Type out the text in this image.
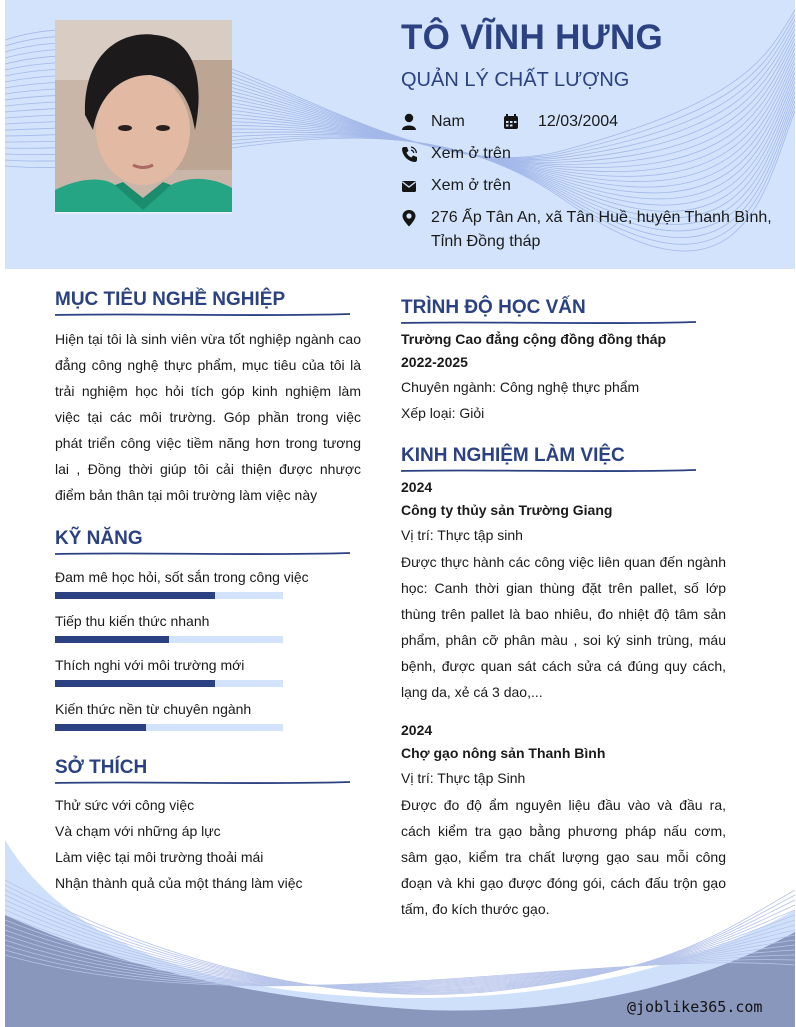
TÔ VĨNH HƯNG
QUẢN LÝ CHẤT LƯỢNG
Nam	12/03/2004
Xem ở trên
Xem ở trên
276 Ấp Tân An, xã Tân Huề, huyện Thanh Bình,
Tỉnh Đồng tháp
MỤC TIÊU NGHỀ NGHIỆP
Hiện tại tôi là sinh viên vừa tốt nghiệp ngành cao đẳng công nghệ thực phẩm, mục tiêu của tôi là trải nghiệm học hỏi tích góp kinh nghiệm làm việc tại các môi trường. Góp phần trong việc phát triển công việc tiềm năng hơn trong tương lai , Đồng thời giúp tôi cải thiện được nhược điểm bản thân tại môi trường làm việc này
KỸ NĂNG
Đam mê học hỏi, sốt sắn trong công việc
Tiếp thu kiến thức nhanh
Thích nghi với môi trường mới
Kiến thức nền từ chuyên ngành
SỞ THÍCH
Thử sức với công việc
Và chạm với những áp lực
Làm việc tại môi trường thoải mái
Nhận thành quả của một tháng làm việc
TRÌNH ĐỘ HỌC VẤN
Trường Cao đẳng cộng đồng đồng tháp
2022-2025
Chuyên ngành: Công nghệ thực phẩm
Xếp loại: Giỏi
KINH NGHIỆM LÀM VIỆC
2024
Công ty thủy sản Trường Giang
Vị trí: Thực tập sinh
Được thực hành các công việc liên quan đến ngành học: Canh thời gian thùng đặt trên pallet, số lớp thùng trên pallet là bao nhiêu, đo nhiệt độ tâm sản phẩm, phân cỡ phân màu , soi ký sinh trùng, máu bệnh, được quan sát cách sửa cá đúng quy cách, lạng da, xẻ cá 3 dao,...
2024
Chợ gạo nông sản Thanh Bình
Vị trí: Thực tập Sinh
Được đo độ ẩm nguyên liệu đầu vào và đầu ra, cách kiểm tra gạo bằng phương pháp nấu cơm, sâm gạo, kiểm tra chất lượng gạo sau mỗi công đoạn và khi gạo được đóng gói, cách đấu trộn gạo tấm, đo kích thước gạo.
@joblike365.com
